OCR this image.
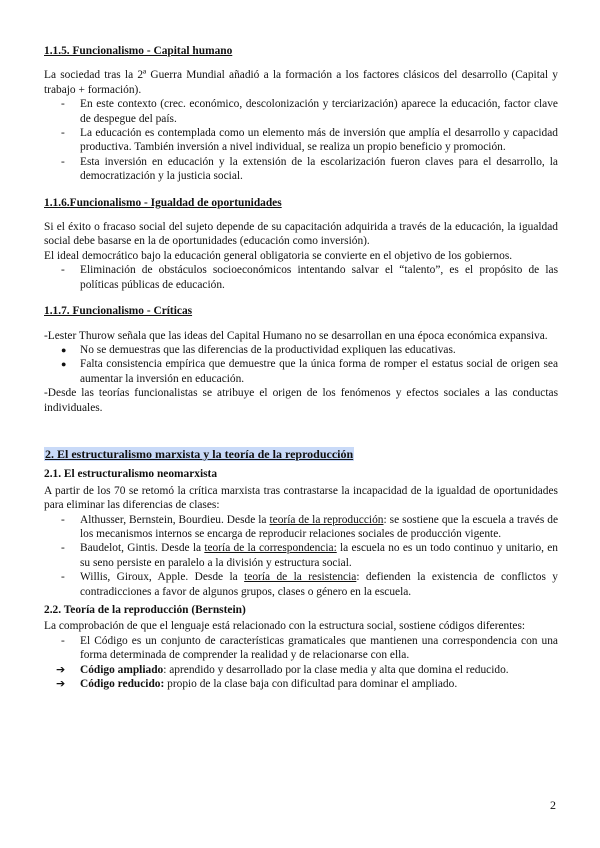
1.1.5. Funcionalismo - Capital humano

La sociedad tras la 2ª Guerra Mundial añadió a la formación a los factores clásicos del desarrollo (Capital y trabajo + formación).

- En este contexto (crec. económico, descolonización y terciarización) aparece la educación, factor clave de despegue del país.
- La educación es contemplada como un elemento más de inversión que amplía el desarrollo y capacidad productiva. También inversión a nivel individual, se realiza un propio beneficio y promoción.
- Esta inversión en educación y la extensión de la escolarización fueron claves para el desarrollo, la democratización y la justicia social.
1.1.6.Funcionalismo - Igualdad de oportunidades

Si el éxito o fracaso social del sujeto depende de su capacitación adquirida a través de la educación, la igualdad social debe basarse en la de oportunidades (educación como inversión).

El ideal democrático bajo la educación general obligatoria se convierte en el objetivo de los gobiernos.

- Eliminación de obstáculos socioeconómicos intentando salvar el “talento”, es el propósito de las políticas públicas de educación.
1.1.7. Funcionalismo - Críticas

-Lester Thurow señala que las ideas del Capital Humano no se desarrollan en una época económica expansiva.

● No se demuestras que las diferencias de la productividad expliquen las educativas.
● Falta consistencia empírica que demuestre que la única forma de romper el estatus social de origen sea aumentar la inversión en educación.

-Desde las teorías funcionalistas se atribuye el origen de los fenómenos y efectos sociales a las conductas individuales.

2. El estructuralismo marxista y la teoría de la reproducción
2.1. El estructuralismo neomarxista

A partir de los 70 se retomó la crítica marxista tras contrastarse la incapacidad de la igualdad de oportunidades para eliminar las diferencias de clases:

- Althusser, Bernstein, Bourdieu. Desde la teoría de la reproducción: se sostiene que la escuela a través de los mecanismos internos se encarga de reproducir relaciones sociales de producción vigente.
- Baudelot, Gintis. Desde la teoría de la correspondencia: la escuela no es un todo continuo y unitario, en su seno persiste en paralelo a la división y estructura social.
- Willis, Giroux, Apple. Desde la teoría de la resistencia: defienden la existencia de conflictos y contradicciones a favor de algunos grupos, clases o género en la escuela.
2.2. Teoría de la reproducción (Bernstein)

La comprobación de que el lenguaje está relacionado con la estructura social, sostiene códigos diferentes:

- El Código es un conjunto de características gramaticales que mantienen una correspondencia con una forma determinada de comprender la realidad y de relacionarse con ella.
➔ Código ampliado: aprendido y desarrollado por la clase media y alta que domina el reducido.
➔ Código reducido: propio de la clase baja con dificultad para dominar el ampliado.
2
